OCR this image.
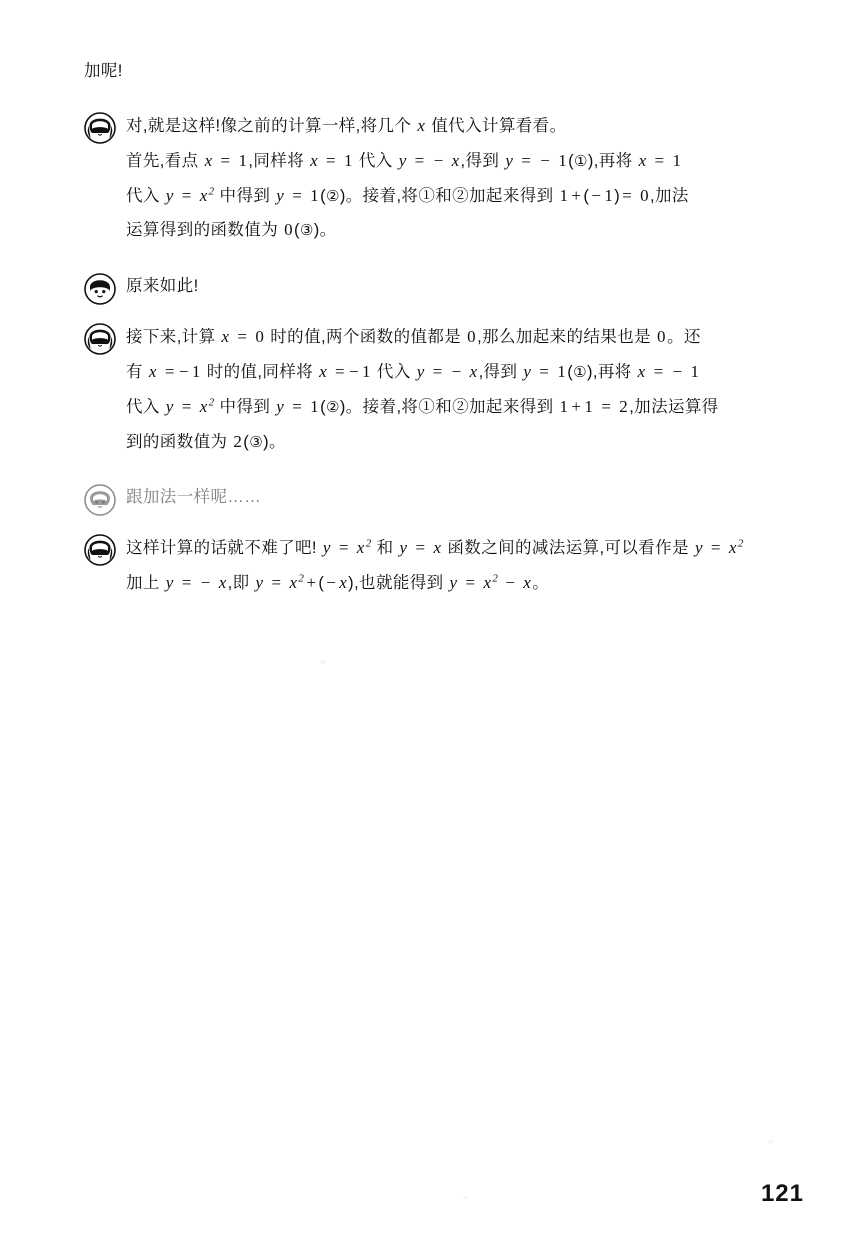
加呢!
对,就是这样!像之前的计算一样,将几个 x 值代入计算看看。
首先,看点 x = 1,同样将 x = 1 代入 y = − x,得到 y = − 1(①),再将 x = 1
代入 $y = x^2$ 中得到 y = 1(②)。接着,将①和②加起来得到 1 + ( − 1) = 0,加法
运算得到的函数值为 0(③)。
原来如此!
接下来,计算 x = 0 时的值,两个函数的值都是 0,那么加起来的结果也是 0。还
有 x = − 1 时的值,同样将 x = − 1 代入 y = − x,得到 y = 1(①),再将 x = − 1
代入 $y = x^2$ 中得到 y = 1(②)。接着,将①和②加起来得到 1 + 1 = 2,加法运算得
到的函数值为 2(③)。
跟加法一样呢……
这样计算的话就不难了吧! $y = x^2$ 和 y = x 函数之间的减法运算,可以看作是 $y = x^2$
加上 y = − x,即 $y = x^2$ + ( − x),也就能得到 $y = x^2 - x$。
121
